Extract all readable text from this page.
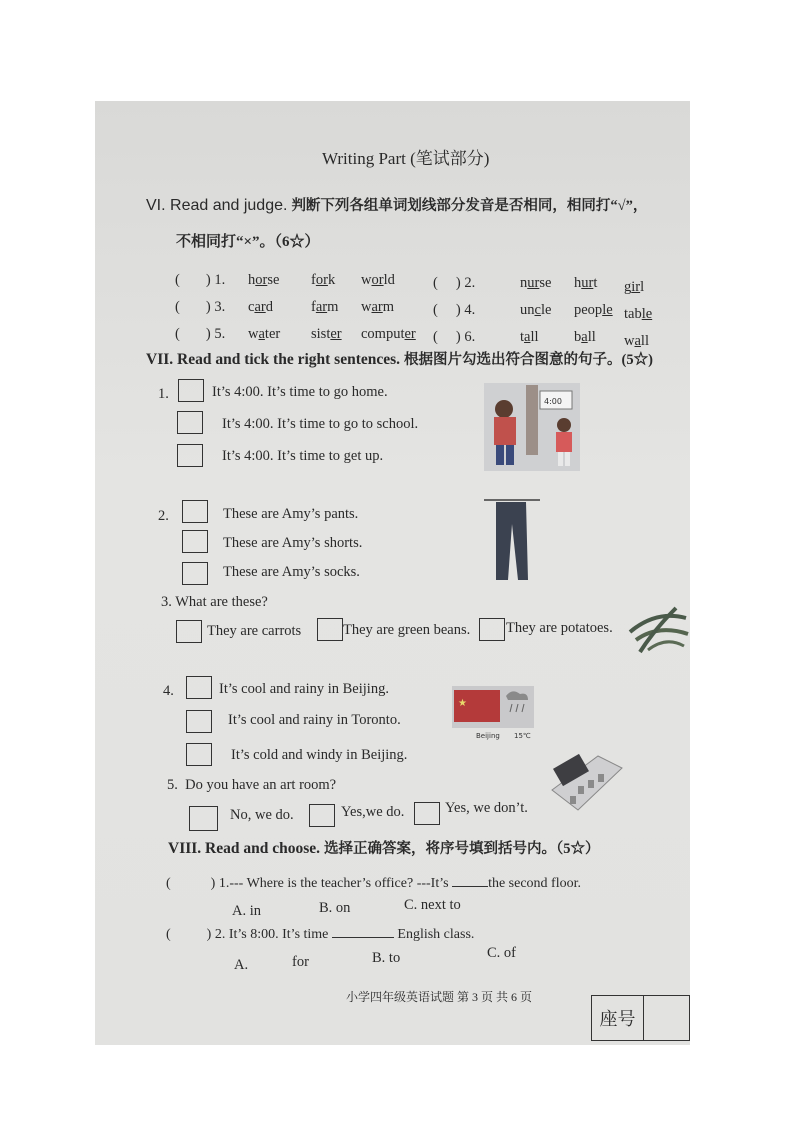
Writing Part (笔试部分)
VI. Read and judge. 判断下列各组单词划线部分发音是否相同，相同打“√”，
不相同打“×”。（6☆）
( ) 1. horse fork world	( ) 2.	nurse hurt girl
( ) 3. card	farm warm	( ) 4.	uncle people table
( ) 5. water sister computer ( ) 6.	tall ball wall
VII. Read and tick the right sentences. 根据图片勾选出符合图意的句子。(5☆)
1.	It’s 4:00. It’s time to go home.
It’s 4:00. It’s time to go to school.
It’s 4:00. It’s time to get up.
4:00
2.	These are Amy’s pants.
These are Amy’s shorts.
These are Amy’s socks.
3. What are these?
They are carrots	They are green beans. They are potatoes.
4.	It’s cool and rainy in Beijing.
It’s cool and rainy in Toronto.
It’s cold and windy in Beijing.
★
Beijing 15℃
5. Do you have an art room?
No, we do.	Yes,we do.	Yes, we don’t.
VIII. Read and choose. 选择正确答案，将序号填到括号内。（5☆）
(	) 1.--- Where is the teacher’s office? ---It’s	the second floor.
A. in	B. on	C. next to
(	) 2. It’s 8:00. It’s time	English class.
A.	for	B. to	C. of
小学四年级英语试题 第 3 页 共 6 页
座号
